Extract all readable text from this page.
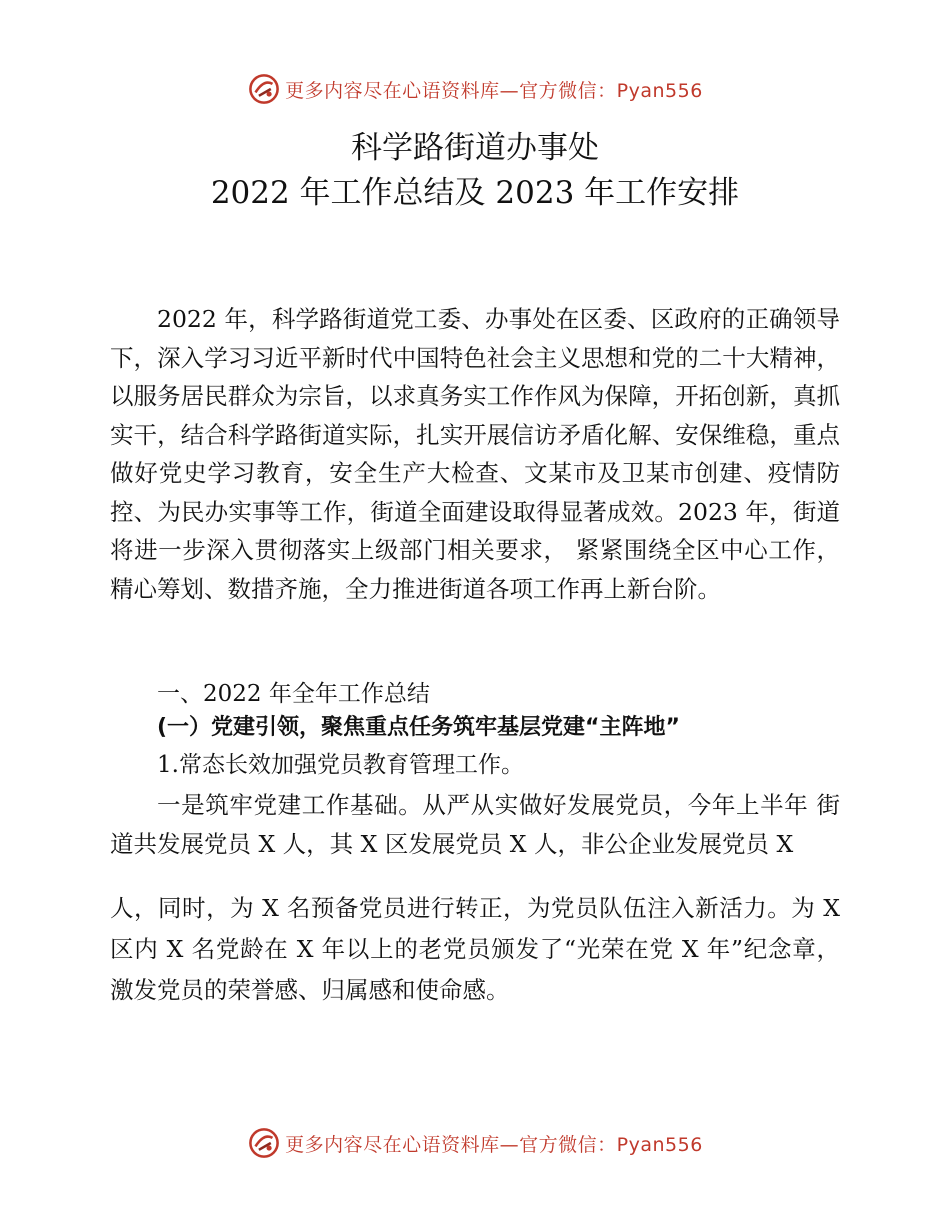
更多内容尽在心语资料库—官方微信：Pyan556
科学路街道办事处
2022 年工作总结及 2023 年工作安排
2022 年，科学路街道党工委、办事处在区委、区政府的正确领导下，深入学习习近平新时代中国特色社会主义思想和党的二十大精神，以服务居民群众为宗旨，以求真务实工作作风为保障，开拓创新，真抓实干，结合科学路街道实际，扎实开展信访矛盾化解、安保维稳，重点做好党史学习教育，安全生产大检查、文某市及卫某市创建、疫情防控、为民办实事等工作，街道全面建设取得显著成效。2023 年，街道将进一步深入贯彻落实上级部门相关要求， 紧紧围绕全区中心工作，精心筹划、数措齐施，全力推进街道各项工作再上新台阶。
一、2022 年全年工作总结
(一）党建引领，聚焦重点任务筑牢基层党建“主阵地”
1.常态长效加强党员教育管理工作。
一是筑牢党建工作基础。从严从实做好发展党员，今年上半年 街道共发展党员 X 人，其 X 区发展党员 X 人，非公企业发展党员 X
人，同时，为 X 名预备党员进行转正，为党员队伍注入新活力。为 X 区内 X 名党龄在 X 年以上的老党员颁发了“光荣在党 X 年”纪念章，激发党员的荣誉感、归属感和使命感。
更多内容尽在心语资料库—官方微信：Pyan556
